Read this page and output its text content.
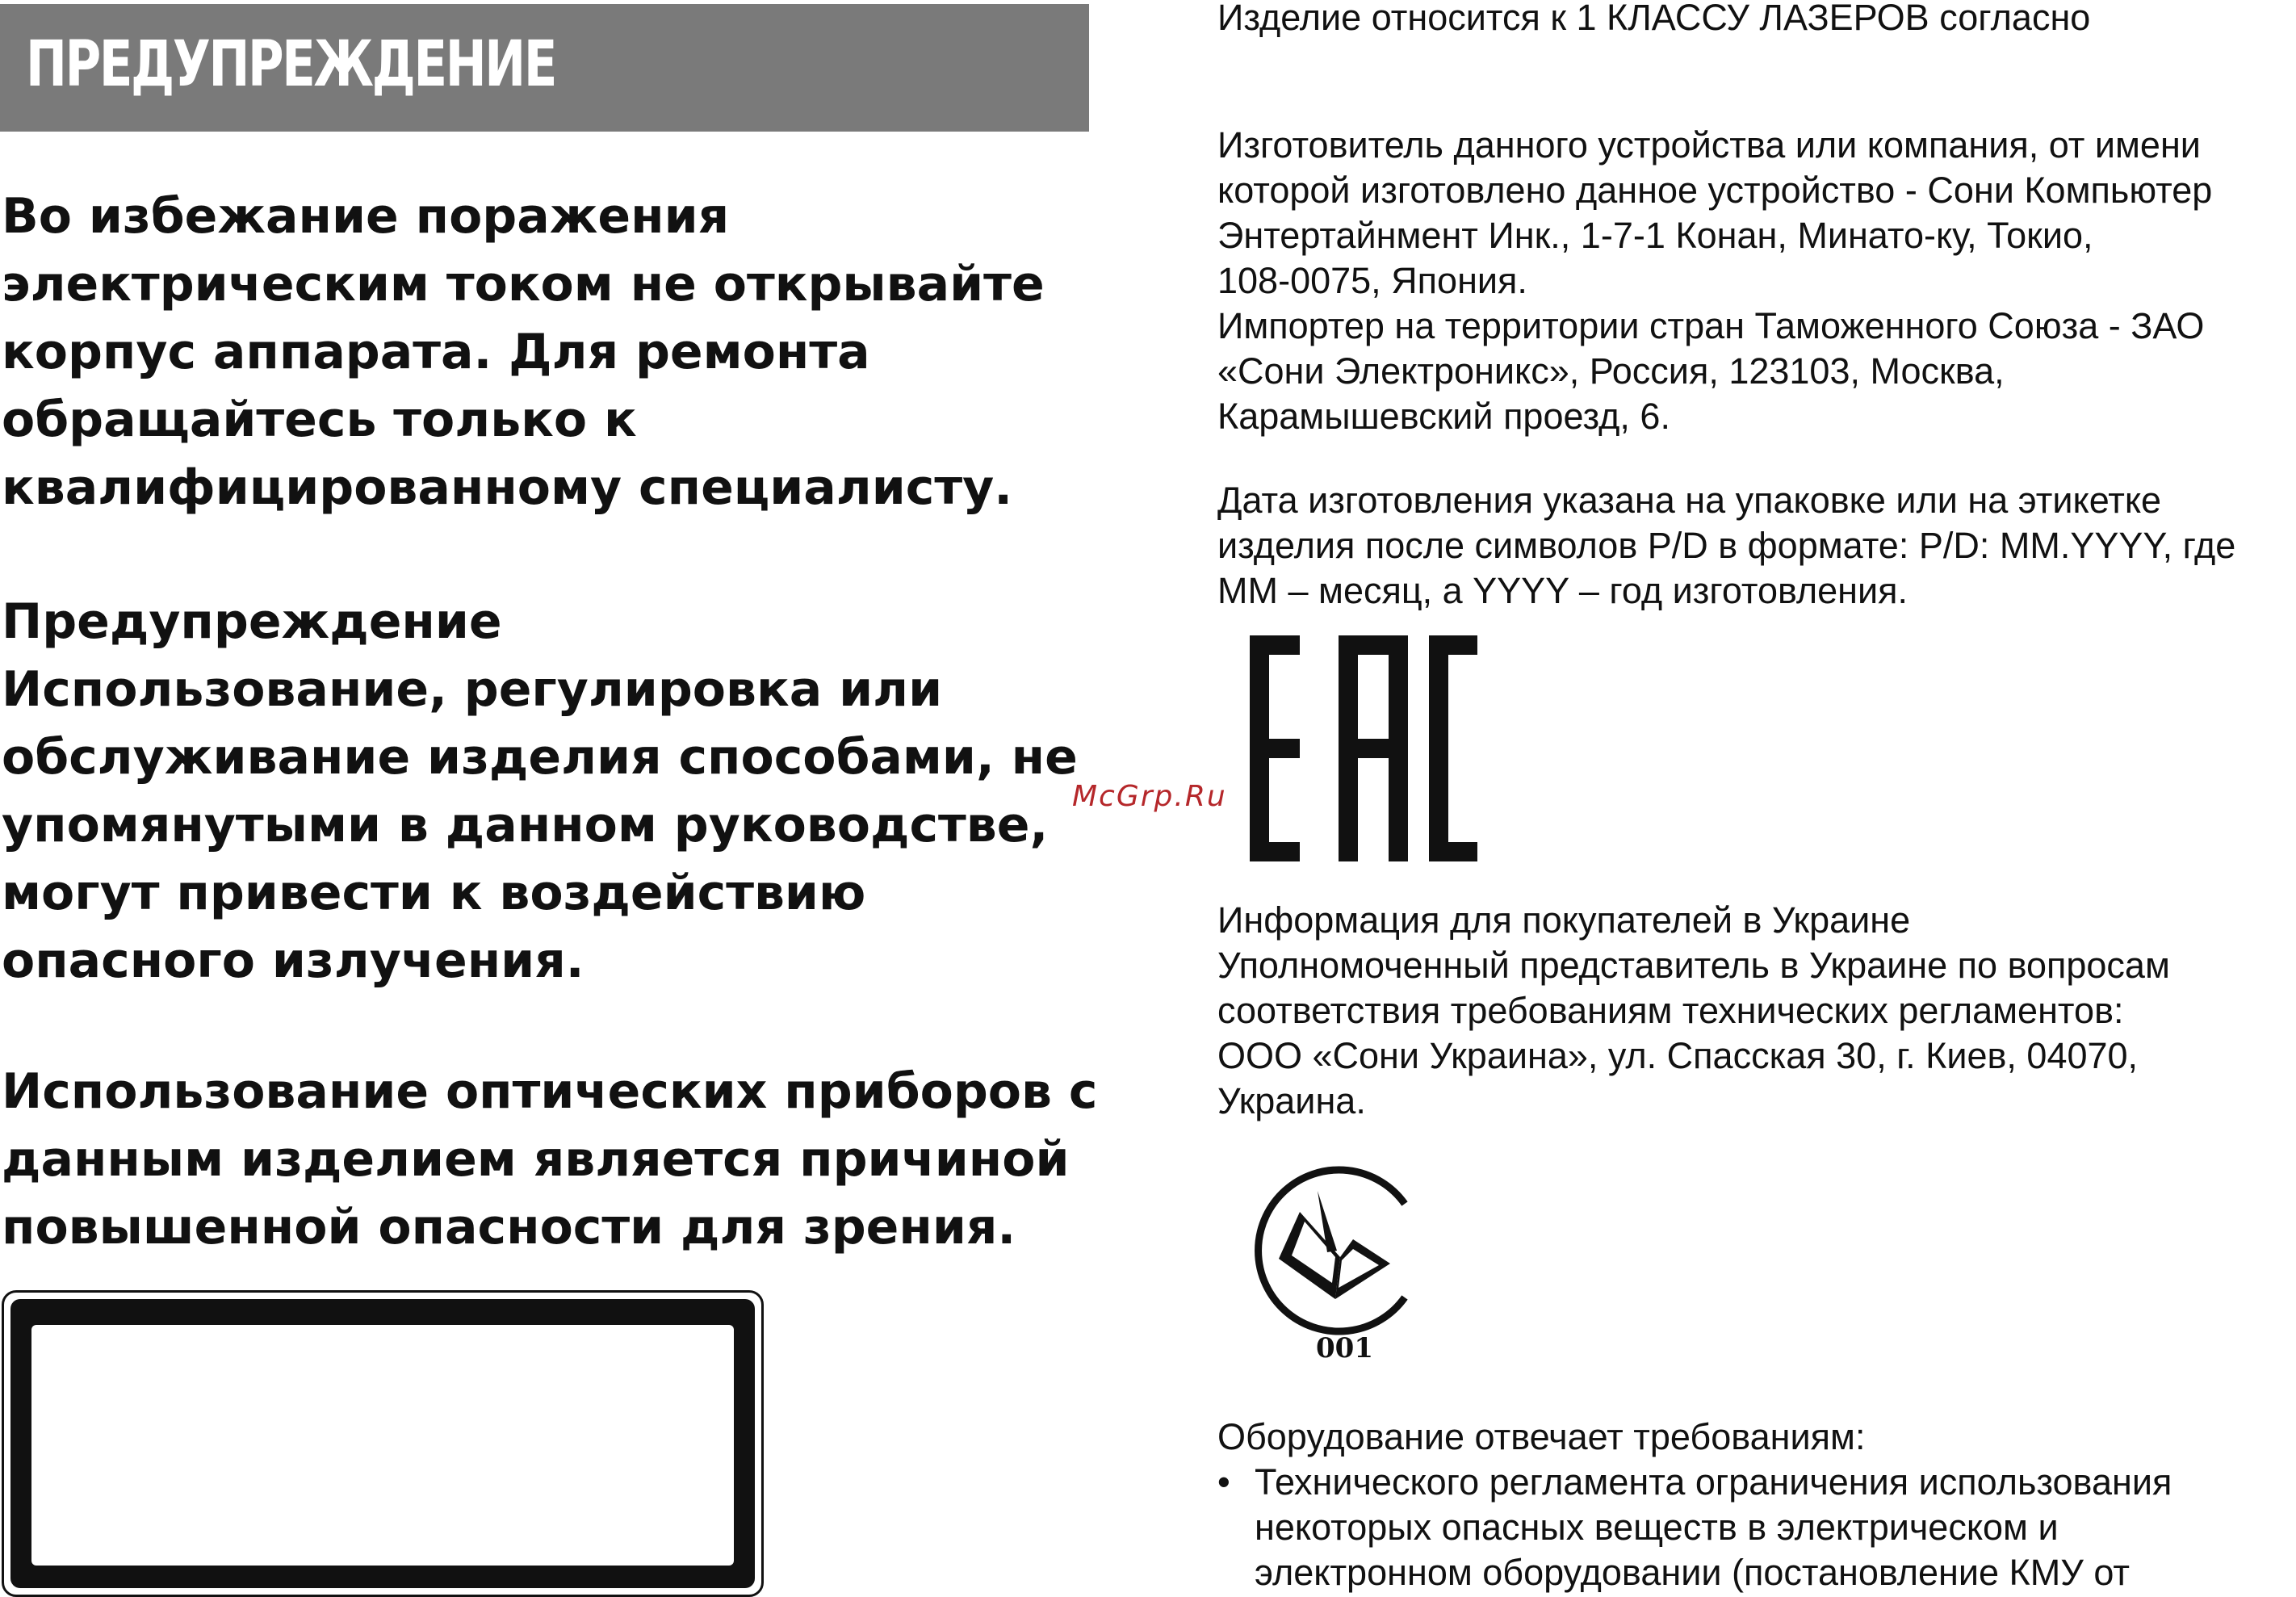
ПРЕДУПРЕЖДЕНИЕ

Во избежание поражения
электрическим током не открывайте
корпус аппарата. Для ремонта
обращайтесь только к
квалифицированному специалисту.

Предупреждение
Использование, регулировка или
обслуживание изделия способами, не
упомянутыми в данном руководстве,
могут привести к воздействию
опасного излучения.

Использование оптических приборов с
данным изделием является причиной
повышенной опасности для зрения.

McGrp.Ru

Изделие относится к 1 КЛАССУ ЛАЗЕРОВ согласно

Изготовитель данного устройства или компания, от имени
которой изготовлено данное устройство - Сони Компьютер
Энтертайнмент Инк., 1-7-1 Конан, Минато-ку, Токио,
108-0075, Япония.
Импортер на территории стран Таможенного Союза - ЗАО
«Сони Электроникс», Россия, 123103, Москва,
Карамышевский проезд, 6.

Дата изготовления указана на упаковке или на этикетке
изделия после символов P/D в формате: P/D: MM.YYYY, где
MM – месяц, а YYYY – год изготовления.

Информация для покупателей в Украине
Уполномоченный представитель в Украине по вопросам
соответствия требованиям технических регламентов:
ООО «Сони Украина», ул. Спасская 30, г. Киев, 04070,
Украина.

001

Оборудование отвечает требованиям:

• Технического регламента ограничения использования
некоторых опасных веществ в электрическом и
электронном оборудовании (постановление КМУ от
